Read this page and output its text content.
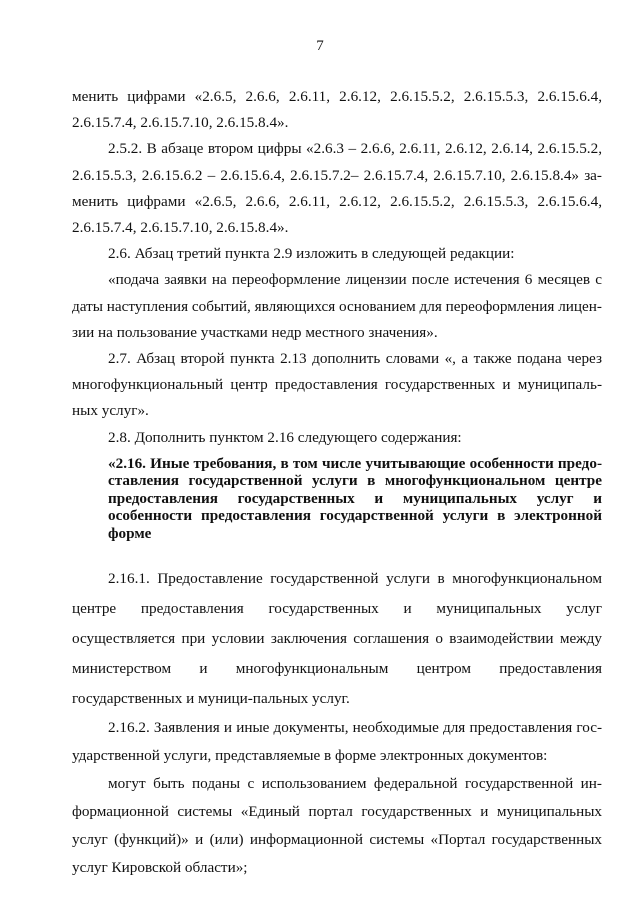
7

менить цифрами «2.6.5, 2.6.6, 2.6.11, 2.6.12, 2.6.15.5.2, 2.6.15.5.3, 2.6.15.6.4, 2.6.15.7.4, 2.6.15.7.10, 2.6.15.8.4».

2.5.2. В абзаце втором цифры «2.6.3 – 2.6.6, 2.6.11, 2.6.12, 2.6.14, 2.6.15.5.2, 2.6.15.5.3, 2.6.15.6.2 – 2.6.15.6.4, 2.6.15.7.2– 2.6.15.7.4, 2.6.15.7.10, 2.6.15.8.4» за-менить цифрами «2.6.5, 2.6.6, 2.6.11, 2.6.12, 2.6.15.5.2, 2.6.15.5.3, 2.6.15.6.4, 2.6.15.7.4, 2.6.15.7.10, 2.6.15.8.4».

2.6. Абзац третий пункта 2.9 изложить в следующей редакции:

«подача заявки на переоформление лицензии после истечения 6 месяцев с даты наступления событий, являющихся основанием для переоформления лицен-зии на пользование участками недр местного значения».

2.7. Абзац второй пункта 2.13 дополнить словами «, а также подана через многофункциональный центр предоставления государственных и муниципаль-ных услуг».

2.8. Дополнить пунктом 2.16 следующего содержания:

«2.16. Иные требования, в том числе учитывающие особенности предо-ставления государственной услуги в многофункциональном центре предоставления государственных и муниципальных услуг и особенности предоставления государственной услуги в электронной форме

2.16.1. Предоставление государственной услуги в многофункциональном центре предоставления государственных и муниципальных услуг осуществляется при условии заключения соглашения о взаимодействии между министерством и многофункциональным центром предоставления государственных и муници-пальных услуг.

2.16.2. Заявления и иные документы, необходимые для предоставления гос-ударственной услуги, представляемые в форме электронных документов:

могут быть поданы с использованием федеральной государственной ин-формационной системы «Единый портал государственных и муниципальных услуг (функций)» и (или) информационной системы «Портал государственных услуг Кировской области»;
